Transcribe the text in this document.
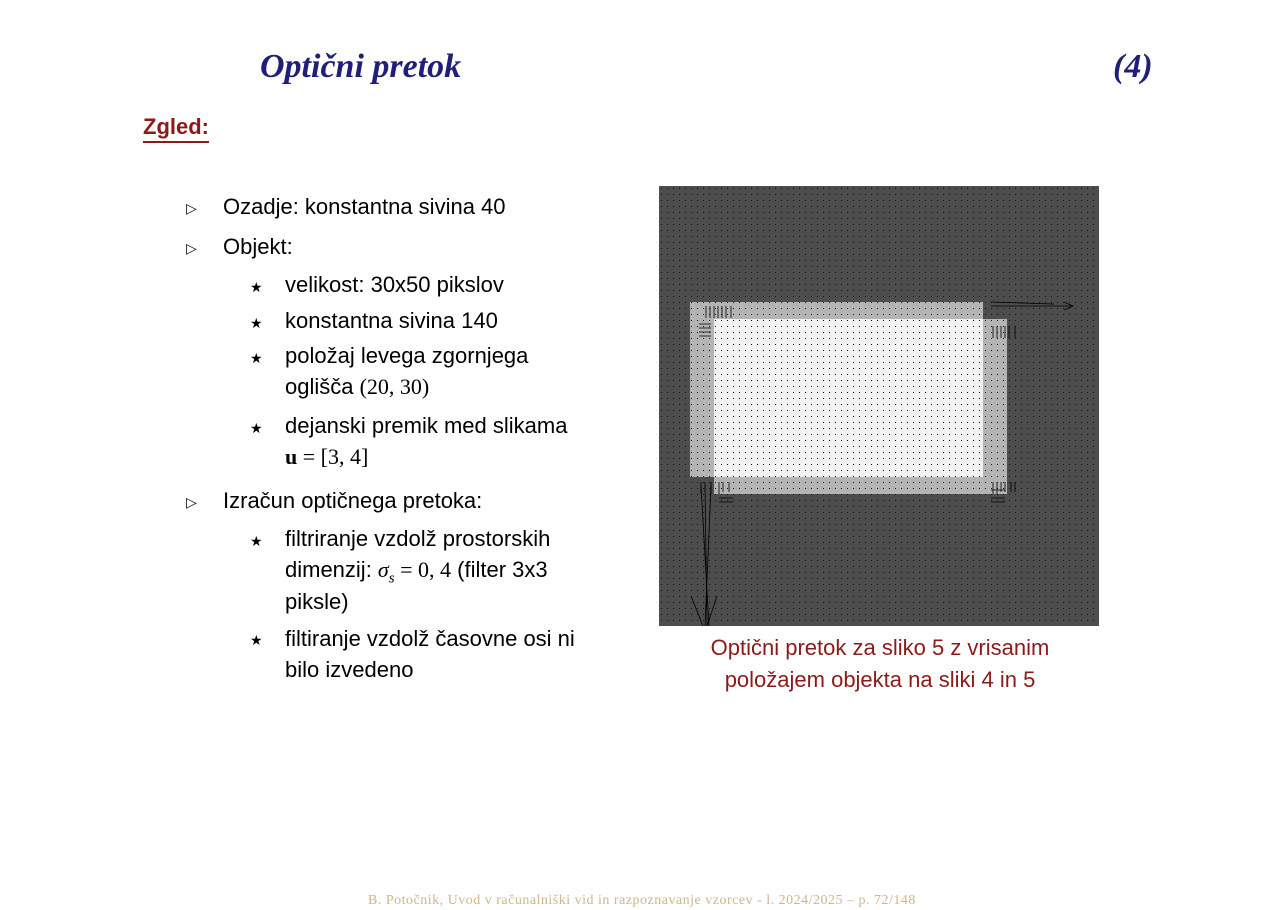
Optični pretok	(4)
Zgled:
▷ Ozadje: konstantna sivina 40
▷ Objekt:
★ velikost: 30x50 pikslov
★ konstantna sivina 140
★ položaj levega zgornjega
oglišča (20, 30)
★ dejanski premik med slikama
u = [3, 4]
▷ Izračun optičnega pretoka:
★ filtriranje vzdolž prostorskih
dimenzij: $\sigma_s = 0$, 4 (filter 3x3
piksle)
★ filtiranje vzdolž časovne osi ni
bilo izvedeno
Optični pretok za sliko 5 z vrisanim
položajem objekta na sliki 4 in 5
B. Potočnik, Uvod v računalniški vid in razpoznavanje vzorcev - l. 2024/2025 – p. 72/148
